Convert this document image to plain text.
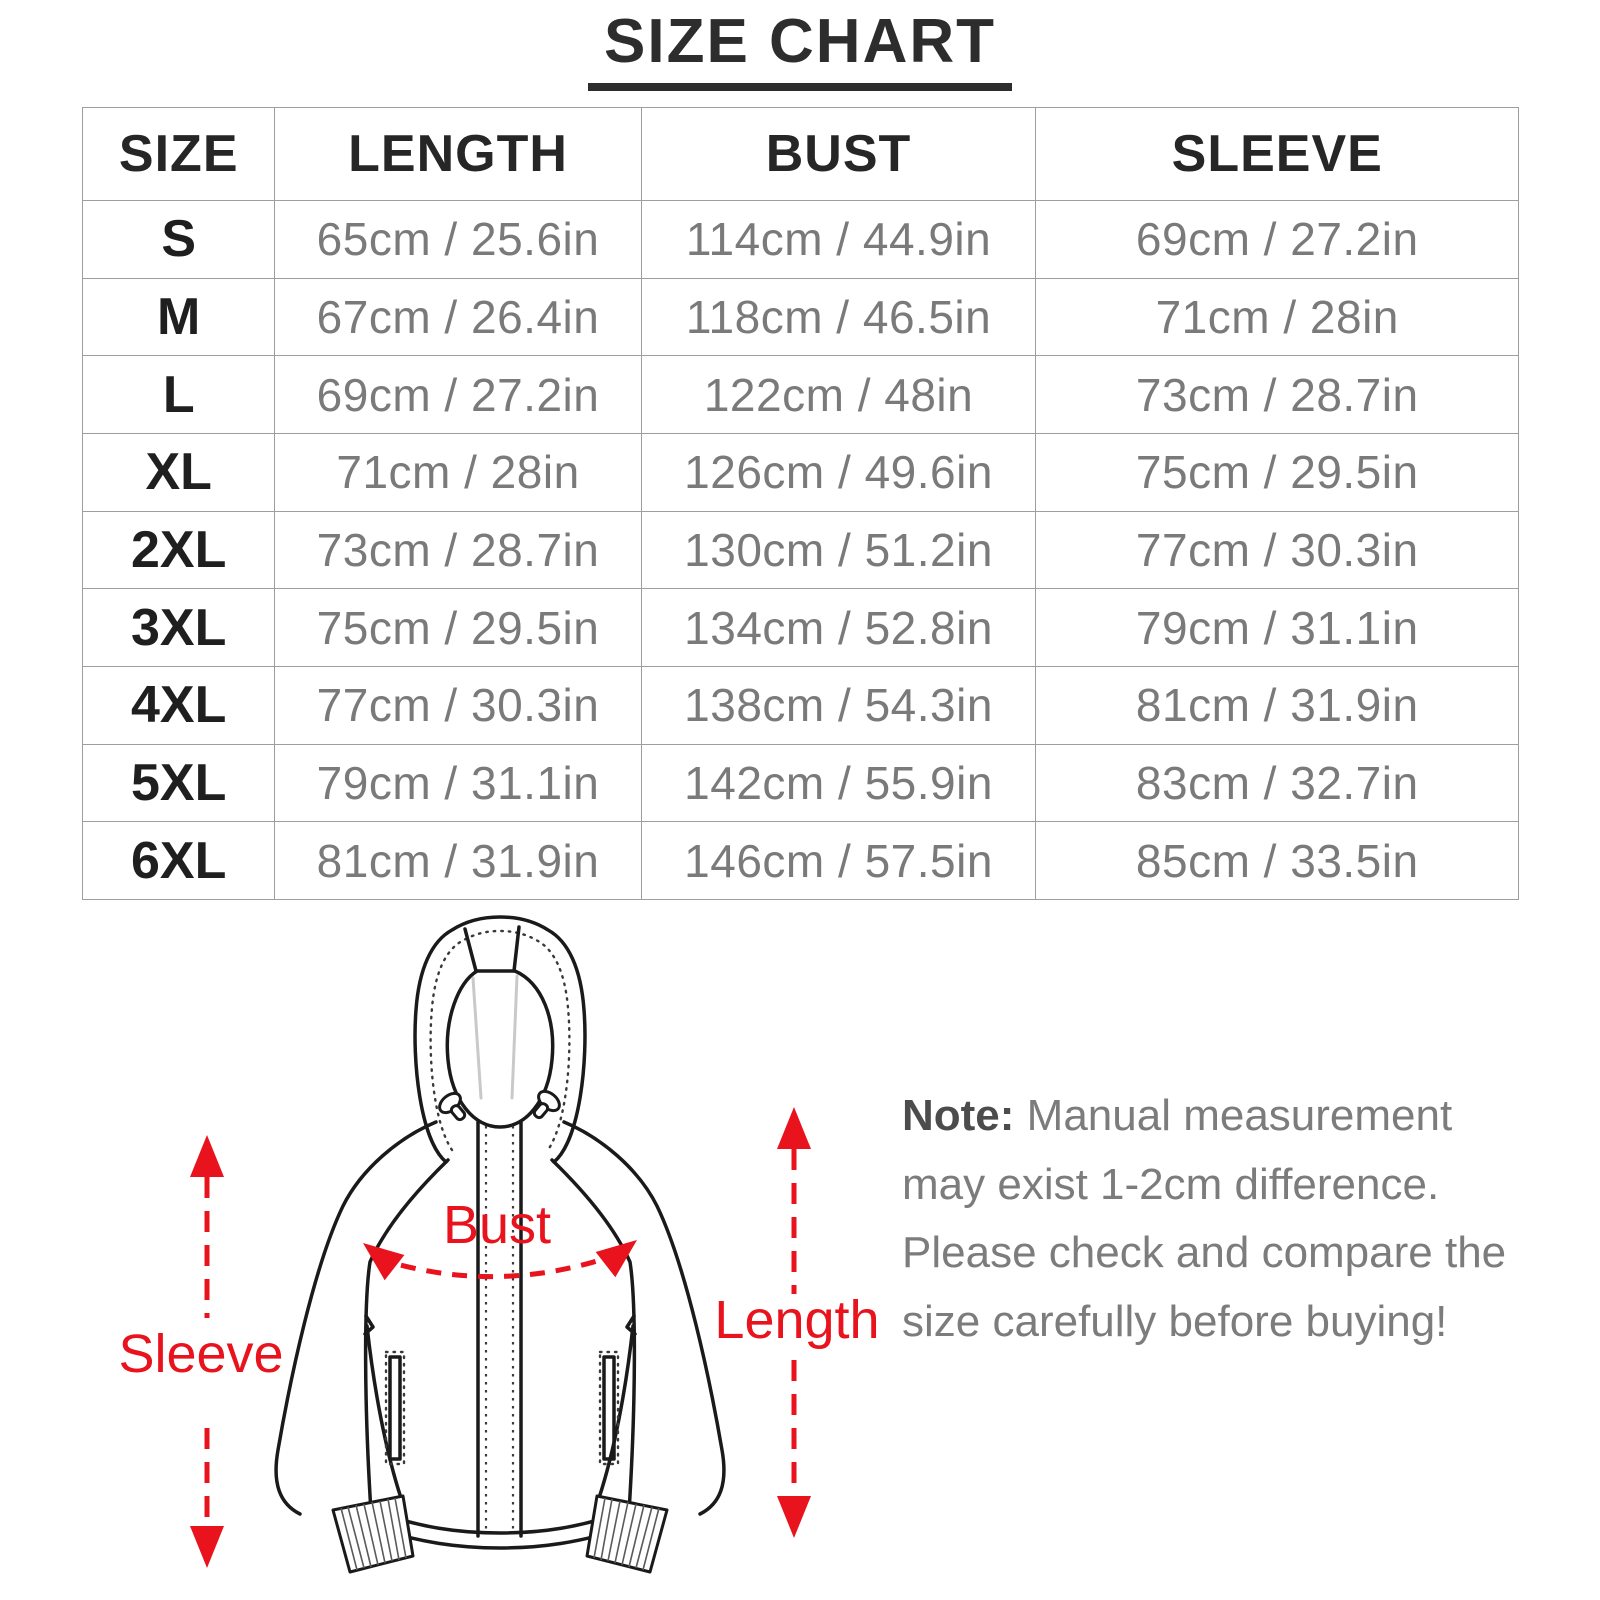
SIZE CHART
SIZE	LENGTH	BUST	SLEEVE
S	65cm / 25.6in	114cm / 44.9in	69cm / 27.2in
M	67cm / 26.4in	118cm / 46.5in	71cm / 28in
L	69cm / 27.2in	122cm / 48in	73cm / 28.7in
XL	71cm / 28in	126cm / 49.6in	75cm / 29.5in
2XL	73cm / 28.7in	130cm / 51.2in	77cm / 30.3in
3XL	75cm / 29.5in	134cm / 52.8in	79cm / 31.1in
4XL	77cm / 30.3in	138cm / 54.3in	81cm / 31.9in
5XL	79cm / 31.1in	142cm / 55.9in	83cm / 32.7in
6XL	81cm / 31.9in	146cm / 57.5in	85cm / 33.5in
Bust
Length
Sleeve
Note: Manual measurement may exist 1-2cm difference. Please check and compare the size carefully before buying!
